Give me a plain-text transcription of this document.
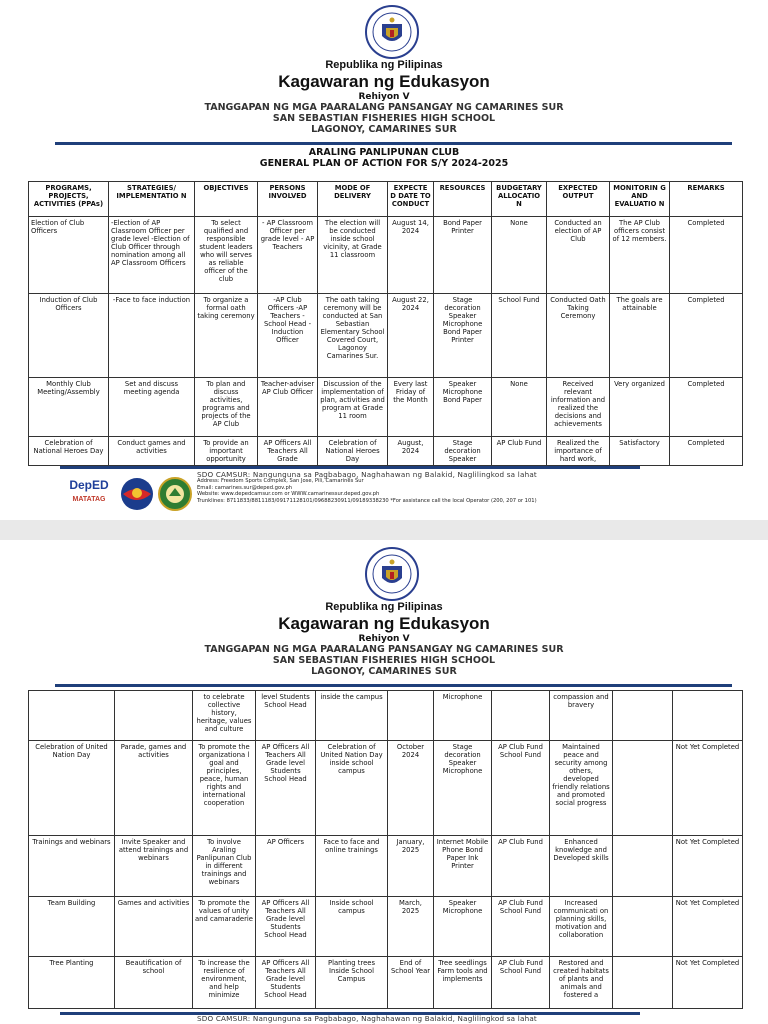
Republika ng Pilipinas
Kagawaran ng Edukasyon
Rehiyon V
TANGGAPAN NG MGA PAARALANG PANSANGAY NG CAMARINES SUR
SAN SEBASTIAN FISHERIES HIGH SCHOOL
LAGONOY, CAMARINES SUR
ARALING PANLIPUNAN CLUB
GENERAL PLAN OF ACTION FOR S/Y 2024-2025
PROGRAMS, PROJECTS, ACTIVITIES (PPAs)	STRATEGIES/ IMPLEMENTATIO N	OBJECTIVES	PERSONS INVOLVED	MODE OF DELIVERY	EXPECTE D DATE TO CONDUCT	RESOURCES	BUDGETARY ALLOCATIO N	EXPECTED OUTPUT	MONITORIN G AND EVALUATIO N	REMARKS
Election of Club Officers	-Election of AP Classroom Officer per grade level -Election of Club Officer through nomination among all AP Classroom Officers	To select qualified and responsible student leaders who will serves as reliable officer of the club	- AP Classroom Officer per grade level - AP Teachers	The election will be conducted inside school vicinity, at Grade 11 classroom	August 14, 2024	Bond Paper Printer	None	Conducted an election of AP Club	The AP Club officers consist of 12 members.	Completed
Induction of Club Officers	-Face to face induction	To organize a formal oath taking ceremony	-AP Club Officers -AP Teachers -School Head -Induction Officer	The oath taking ceremony will be conducted at San Sebastian Elementary School Covered Court, Lagonoy Camarines Sur.	August 22, 2024	Stage decoration Speaker Microphone Bond Paper Printer	School Fund	Conducted Oath Taking Ceremony	The goals are attainable	Completed
Monthly Club Meeting/Assembly	Set and discuss meeting agenda	To plan and discuss activities, programs and projects of the AP Club	Teacher-adviser AP Club Officer	Discussion of the implementation of plan, activities and program at Grade 11 room	Every last Friday of the Month	Speaker Microphone Bond Paper	None	Received relevant information and realized the decisions and achievements	Very organized	Completed
Celebration of National Heroes Day	Conduct games and activities	To provide an important opportunity	AP Officers All Teachers All Grade	Celebration of National Heroes Day	August, 2024	Stage decoration Speaker	AP Club Fund	Realized the importance of hard work,	Satisfactory	Completed
DepED
MATATAG
SDO CAMSUR: Nangunguna sa Pagbabago, Naghahawan ng Balakid, Naglilingkod sa lahat
Address: Freedom Sports Complex, San Jose, Pili, Camarines Sur
Email: camarines.sur@deped.gov.ph
Website: www.depedcamsur.com or WWW.camarinessur.deped.gov.ph
Trunklines: 8711833/8811183/09171128101/09688230911/09189338230 *For assistance call the local Operator (200, 207 or 101)
Republika ng Pilipinas
Kagawaran ng Edukasyon
Rehiyon V
TANGGAPAN NG MGA PAARALANG PANSANGAY NG CAMARINES SUR
SAN SEBASTIAN FISHERIES HIGH SCHOOL
LAGONOY, CAMARINES SUR
		to celebrate collective history, heritage, values and culture	level Students School Head	inside the campus		Microphone		compassion and bravery		
Celebration of United Nation Day	Parade, games and activities	To promote the organizationa l goal and principles, peace, human rights and international cooperation	AP Officers All Teachers All Grade level Students School Head	Celebration of United Nation Day inside school campus	October 2024	Stage decoration Speaker Microphone	AP Club Fund School Fund	Maintained peace and security among others, developed friendly relations and promoted social progress		Not Yet Completed
Trainings and webinars	Invite Speaker and attend trainings and webinars	To involve Araling Panlipunan Club in different trainings and webinars	AP Officers	Face to face and online trainings	January, 2025	Internet Mobile Phone Bond Paper Ink Printer	AP Club Fund	Enhanced knowledge and Developed skills		Not Yet Completed
Team Building	Games and activities	To promote the values of unity and camaraderie	AP Officers All Teachers All Grade level Students School Head	Inside school campus	March, 2025	Speaker Microphone	AP Club Fund School Fund	Increased communicati on planning skills, motivation and collaboration		Not Yet Completed
Tree Planting	Beautification of school	To increase the resilience of environment, and help minimize	AP Officers All Teachers All Grade level Students School Head	Planting trees Inside School Campus	End of School Year	Tree seedlings Farm tools and implements	AP Club Fund School Fund	Restored and created habitats of plants and animals and fostered a		Not Yet Completed
SDO CAMSUR: Nangunguna sa Pagbabago, Naghahawan ng Balakid, Naglilingkod sa lahat
